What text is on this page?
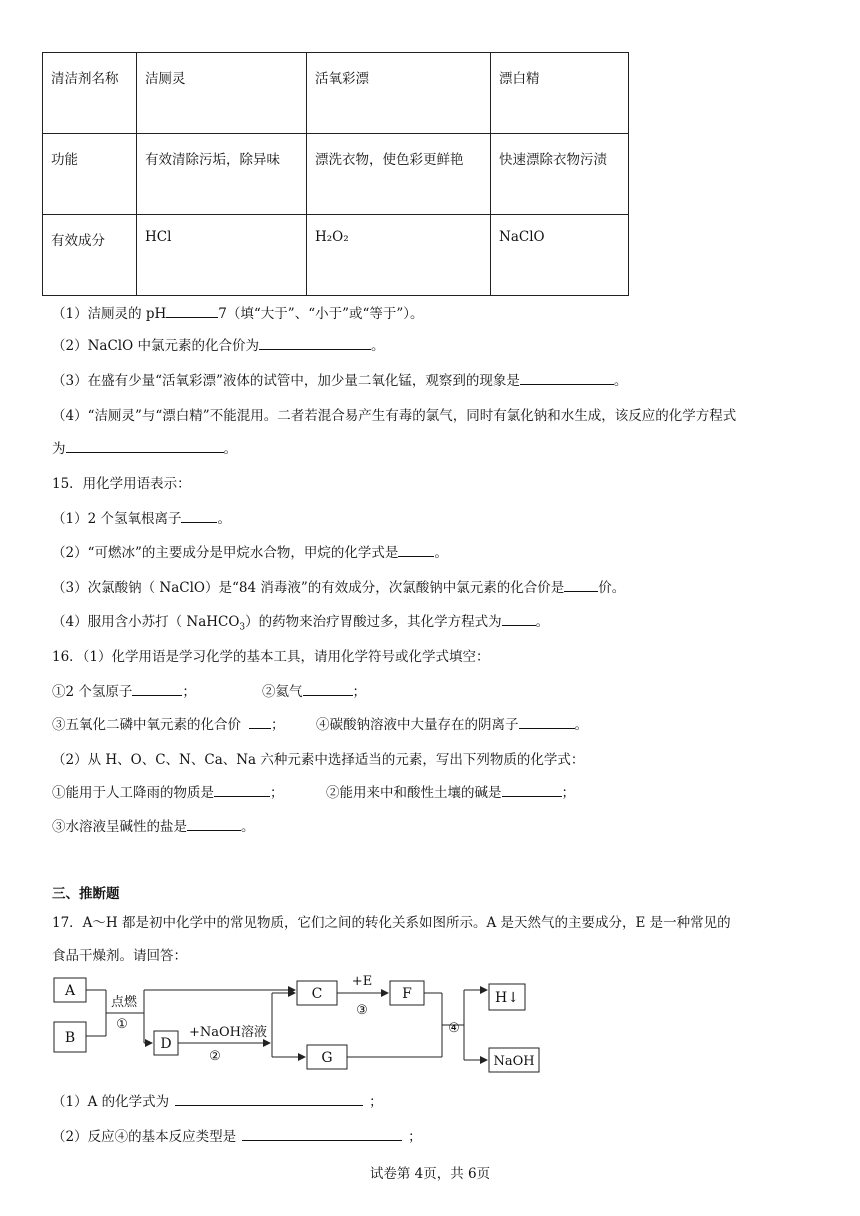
清洁剂名称	洁厕灵	活氧彩漂	漂白精
功能	有效清除污垢，除异味	漂洗衣物，使色彩更鲜艳	快速漂除衣物污渍
有效成分	HCl	H₂O₂	NaClO
（1）洁厕灵的 pH	7（填“大于”、“小于”或“等于”）。
（2）NaClO 中氯元素的化合价为	。
（3）在盛有少量“活氧彩漂”液体的试管中，加少量二氧化锰，观察到的现象是	。
（4）“洁厕灵”与“漂白精”不能混用。二者若混合易产生有毒的氯气，同时有氯化钠和水生成，该反应的化学方程式
为	。
15．用化学用语表示：
（1）2 个氢氧根离子	。
（2）“可燃冰”的主要成分是甲烷水合物，甲烷的化学式是	。
（3）次氯酸钠（ NaClO）是“84 消毒液”的有效成分，次氯酸钠中氯元素的化合价是	价。
（4）服用含小苏打（ NaHCO$_3$）的药物来治疗胃酸过多，其化学方程式为	。
16．（1）化学用语是学习化学的基本工具，请用化学符号或化学式填空：
①2 个氢原子	；	②氦气	；
③五氧化二磷中氧元素的化合价 ； ④碳酸钠溶液中大量存在的阴离子	。
（2）从 H、O、C、N、Ca、Na 六种元素中选择适当的元素，写出下列物质的化学式：
①能用于人工降雨的物质是	；	②能用来中和酸性土壤的碱是	；
③水溶液呈碱性的盐是	。
三、推断题
17．A～H 都是初中化学中的常见物质，它们之间的转化关系如图所示。A 是天然气的主要成分，E 是一种常见的
食品干燥剂。请回答：
A
B	D
C	F
G
H↓
NaOH
点燃
①
+NaOH溶液
②
+E
③
④
（1）A 的化学式为	；
（2）反应④的基本反应类型是	；
试卷第 4页，共 6页
